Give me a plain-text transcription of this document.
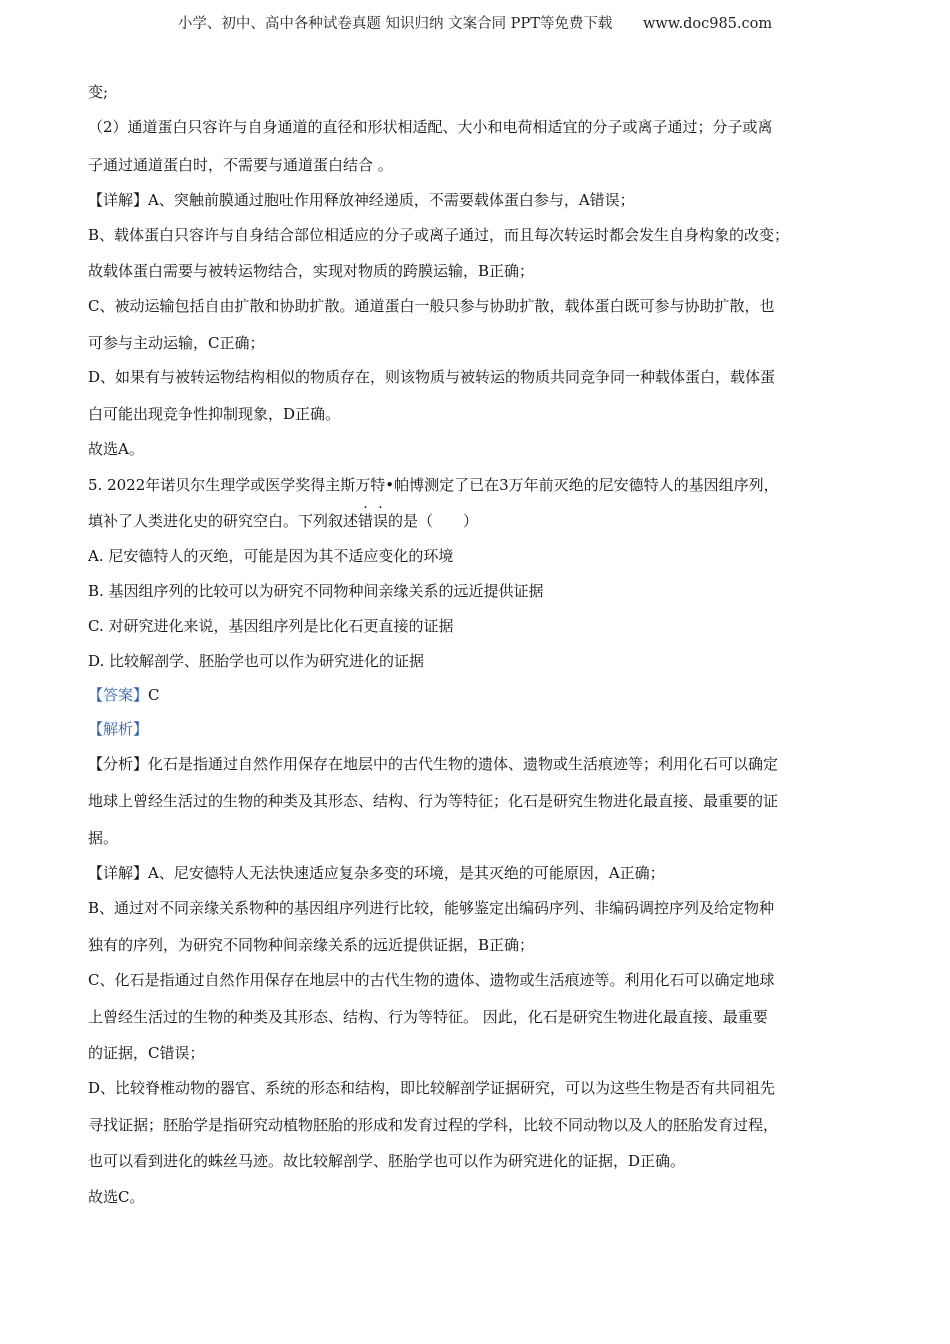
小学、初中、高中各种试卷真题 知识归纳 文案合同 PPT等免费下载 www.doc985.com
变;
（2）通道蛋白只容许与自身通道的直径和形状相适配、大小和电荷相适宜的分子或离子通过；分子或离
子通过通道蛋白时，不需要与通道蛋白结合 。
【详解】A、突触前膜通过胞吐作用释放神经递质，不需要载体蛋白参与，A错误；
B、载体蛋白只容许与自身结合部位相适应的分子或离子通过，而且每次转运时都会发生自身构象的改变；
故载体蛋白需要与被转运物结合，实现对物质的跨膜运输，B正确；
C、被动运输包括自由扩散和协助扩散。通道蛋白一般只参与协助扩散，载体蛋白既可参与协助扩散，也
可参与主动运输，C正确；
D、如果有与被转运物结构相似的物质存在，则该物质与被转运的物质共同竞争同一种载体蛋白，载体蛋
白可能出现竞争性抑制现象，D正确。
故选A。
5. 2022年诺贝尔生理学或医学奖得主斯万特•帕博测定了已在3万年前灭绝的尼安德特人的基因组序列，
填补了人类进化史的研究空白。下列叙述错误的是（　　）
A. 尼安德特人的灭绝，可能是因为其不适应变化的环境
B. 基因组序列的比较可以为研究不同物种间亲缘关系的远近提供证据
C. 对研究进化来说，基因组序列是比化石更直接的证据
D. 比较解剖学、胚胎学也可以作为研究进化的证据
【答案】C
【解析】
【分析】化石是指通过自然作用保存在地层中的古代生物的遗体、遗物或生活痕迹等；利用化石可以确定
地球上曾经生活过的生物的种类及其形态、结构、行为等特征；化石是研究生物进化最直接、最重要的证
据。
【详解】A、尼安德特人无法快速适应复杂多变的环境，是其灭绝的可能原因，A正确；
B、通过对不同亲缘关系物种的基因组序列进行比较，能够鉴定出编码序列、非编码调控序列及给定物种
独有的序列，为研究不同物种间亲缘关系的远近提供证据，B正确；
C、化石是指通过自然作用保存在地层中的古代生物的遗体、遗物或生活痕迹等。利用化石可以确定地球
上曾经生活过的生物的种类及其形态、结构、行为等特征。 因此，化石是研究生物进化最直接、最重要
的证据，C错误；
D、比较脊椎动物的器官、系统的形态和结构，即比较解剖学证据研究，可以为这些生物是否有共同祖先
寻找证据；胚胎学是指研究动植物胚胎的形成和发育过程的学科，比较不同动物以及人的胚胎发育过程，
也可以看到进化的蛛丝马迹。故比较解剖学、胚胎学也可以作为研究进化的证据，D正确。
故选C。
